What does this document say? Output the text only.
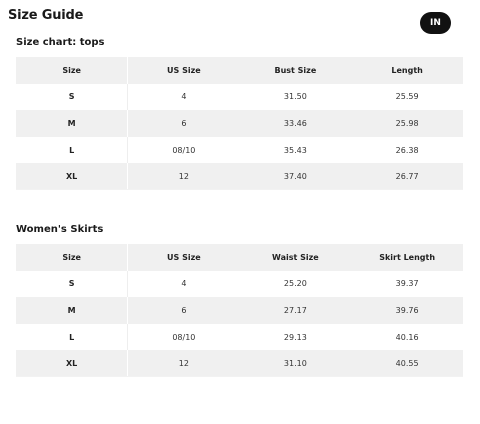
Size Guide	IN
Size chart: tops
Size	US Size	Bust Size	Length
S	4	31.50	25.59
M	6	33.46	25.98
L	08/10	35.43	26.38
XL	12	37.40	26.77
Women's Skirts
Size	US Size	Waist Size	Skirt Length
S	4	25.20	39.37
M	6	27.17	39.76
L	08/10	29.13	40.16
XL	12	31.10	40.55
